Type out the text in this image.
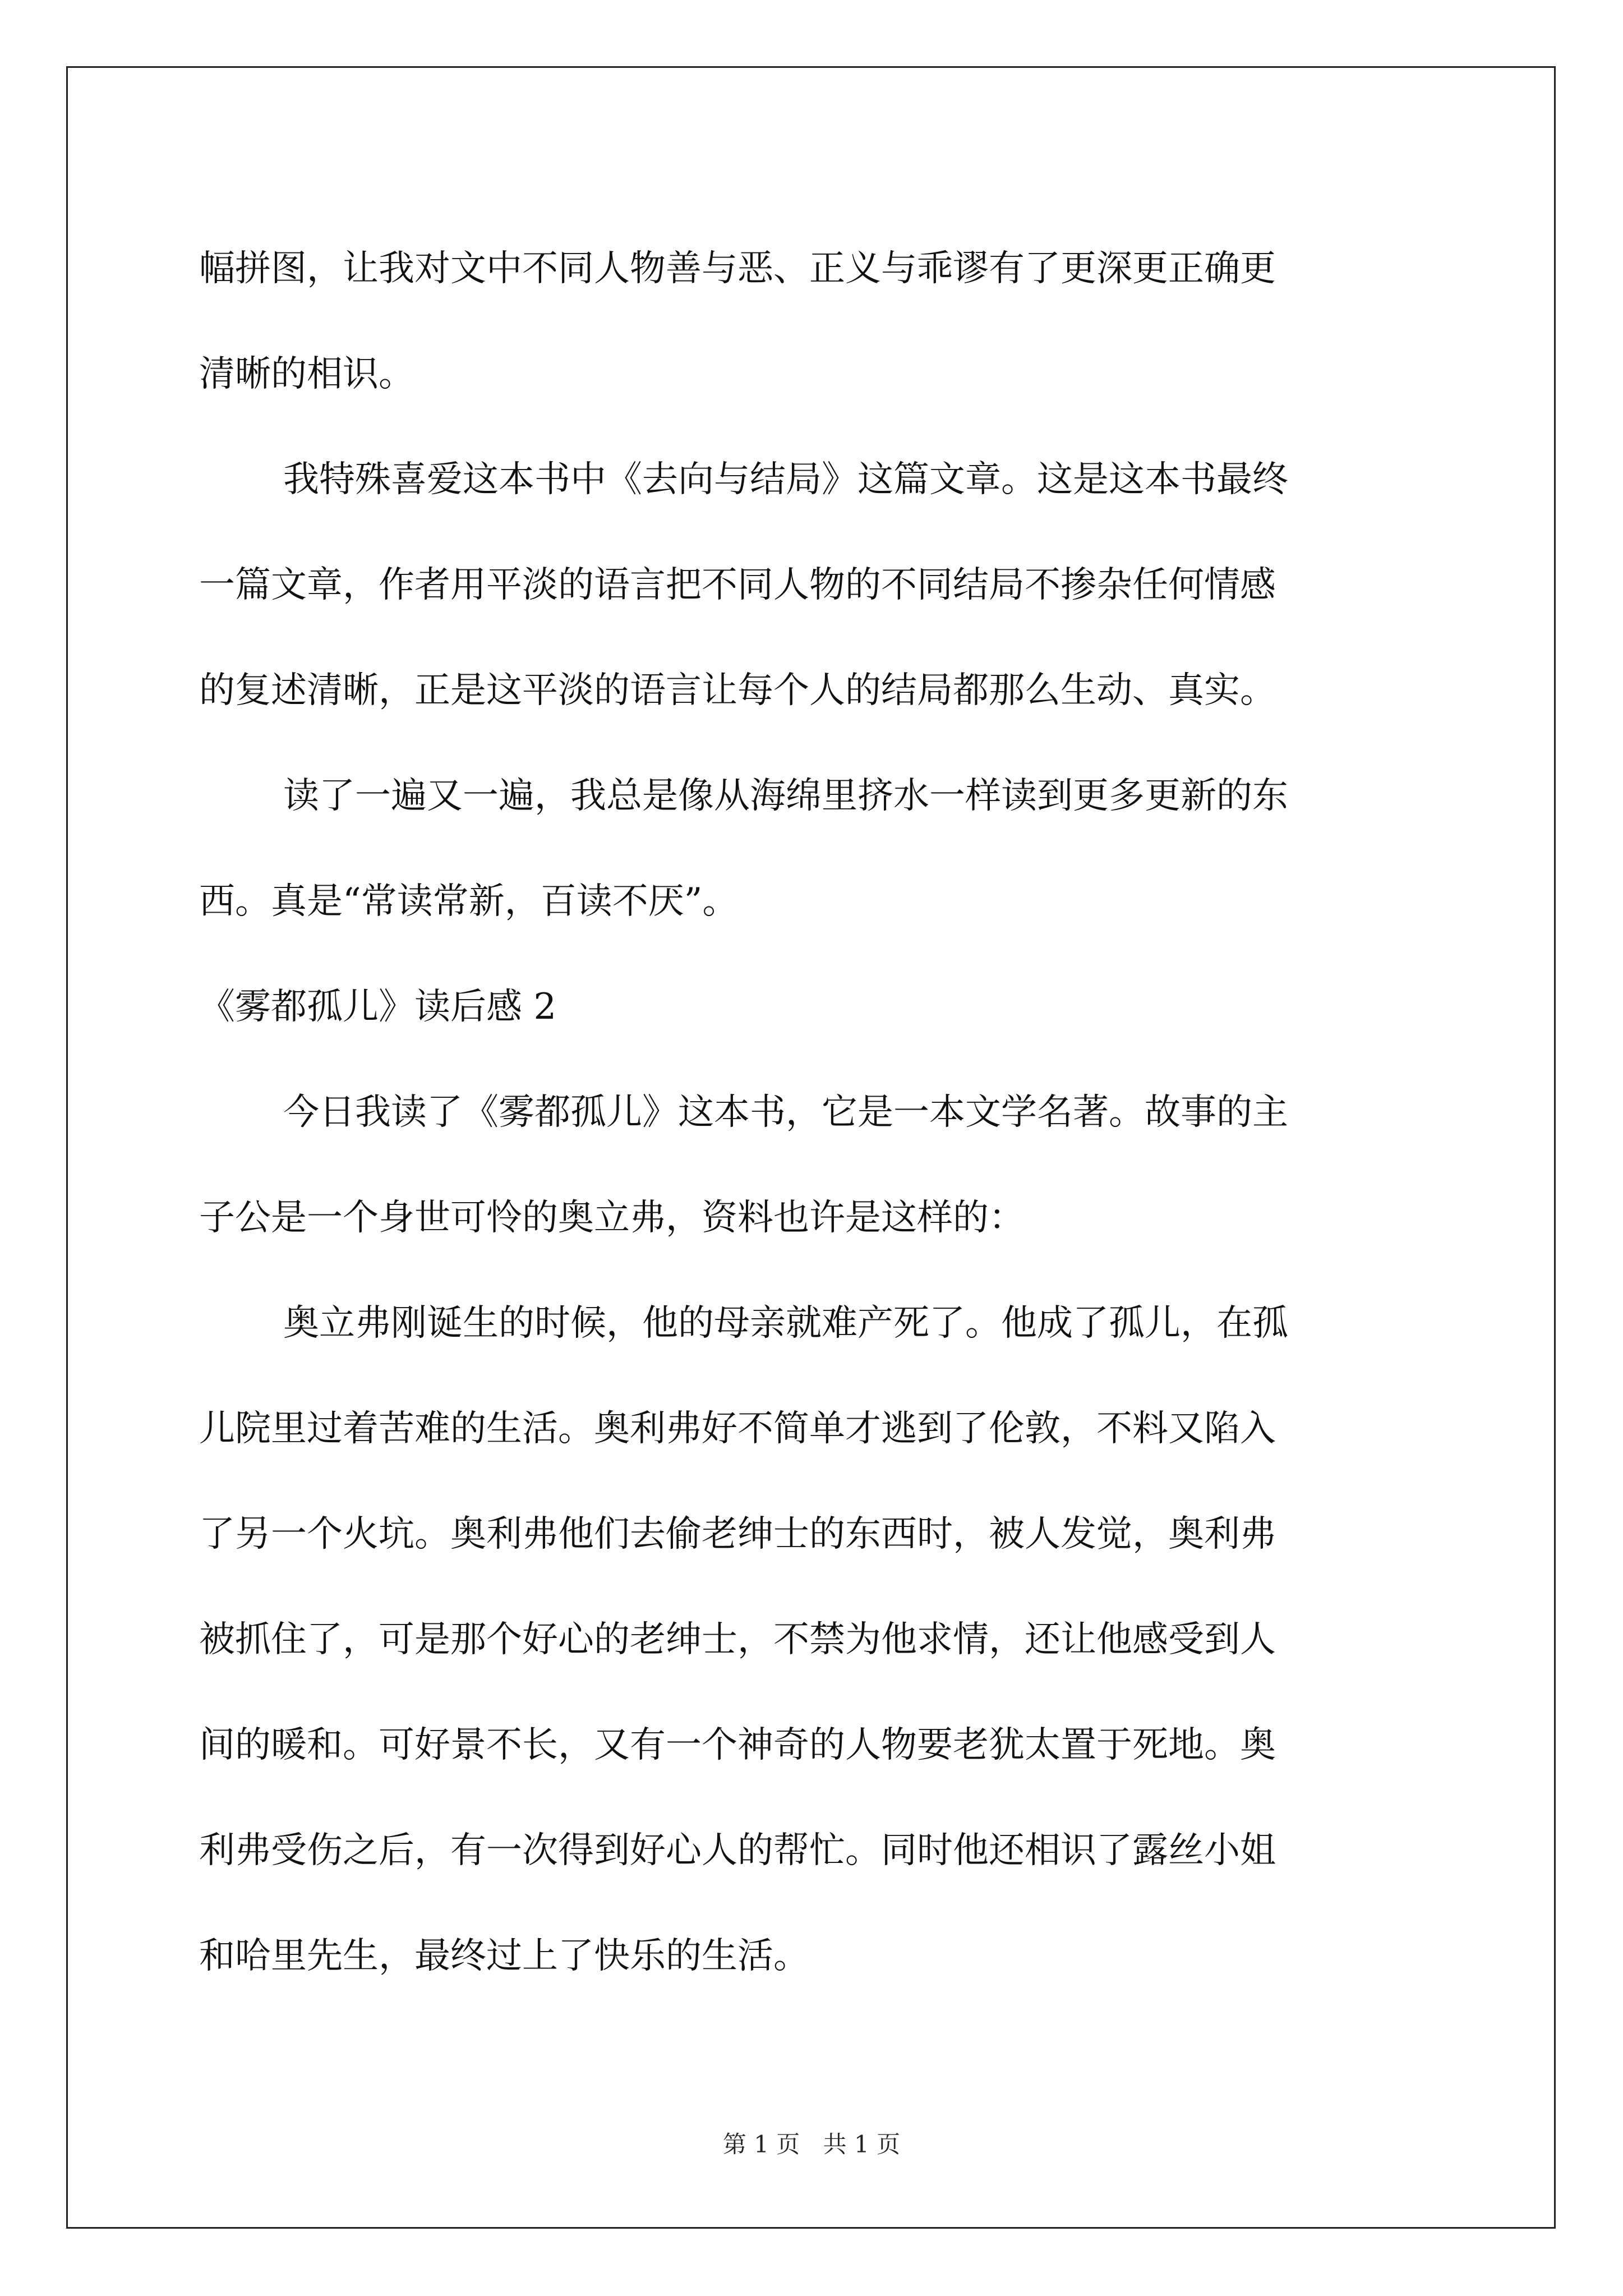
幅拼图，让我对文中不同人物善与恶、正义与乖谬有了更深更正确更
清晰的相识。
我特殊喜爱这本书中《去向与结局》这篇文章。这是这本书最终
一篇文章，作者用平淡的语言把不同人物的不同结局不掺杂任何情感
的复述清晰，正是这平淡的语言让每个人的结局都那么生动、真实。
读了一遍又一遍，我总是像从海绵里挤水一样读到更多更新的东
西。真是“常读常新，百读不厌”。
《雾都孤儿》读后感 2
今日我读了《雾都孤儿》这本书，它是一本文学名著。故事的主
子公是一个身世可怜的奥立弗，资料也许是这样的：
奥立弗刚诞生的时候，他的母亲就难产死了。他成了孤儿，在孤
儿院里过着苦难的生活。奥利弗好不简单才逃到了伦敦，不料又陷入
了另一个火坑。奥利弗他们去偷老绅士的东西时，被人发觉，奥利弗
被抓住了，可是那个好心的老绅士，不禁为他求情，还让他感受到人
间的暖和。可好景不长，又有一个神奇的人物要老犹太置于死地。奥
利弗受伤之后，有一次得到好心人的帮忙。同时他还相识了露丝小姐
和哈里先生，最终过上了快乐的生活。
第 1 页 共 1 页
